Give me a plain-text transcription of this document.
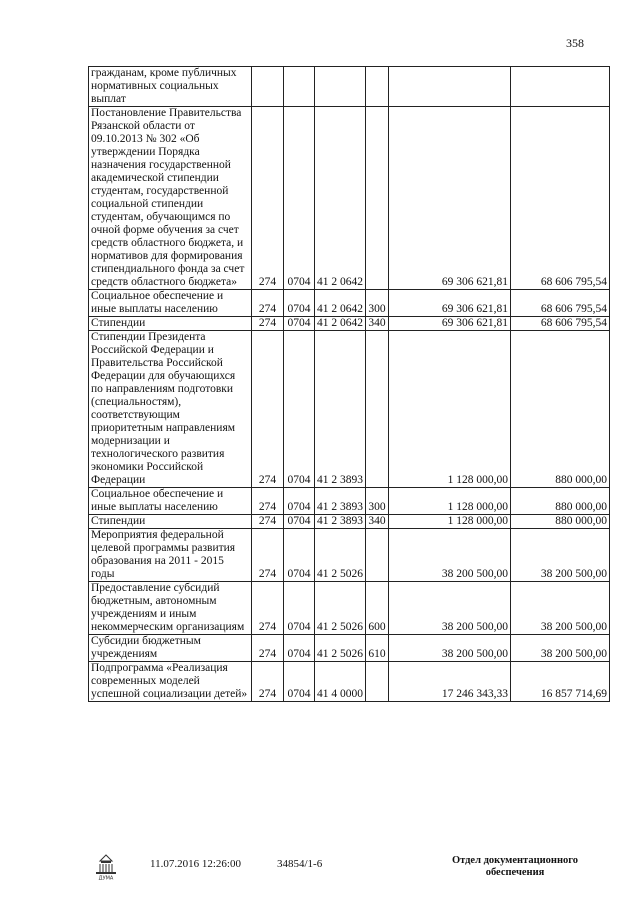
358
гражданам, кроме публичных нормативных социальных выплат						
Постановление Правительства Рязанской области от 09.10.2013 № 302 «Об утверждении Порядка назначения государственной академической стипендии студентам, государственной социальной стипендии студентам, обучающимся по очной форме обучения за счет средств областного бюджета, и нормативов для формирования стипендиального фонда за счет средств областного бюджета»	274	0704	41 2 0642		69 306 621,81	68 606 795,54
Социальное обеспечение и иные выплаты населению	274	0704	41 2 0642	300	69 306 621,81	68 606 795,54
Стипендии	274	0704	41 2 0642	340	69 306 621,81	68 606 795,54
Стипендии Президента Российской Федерации и Правительства Российской Федерации для обучающихся по направлениям подготовки (специальностям), соответствующим приоритетным направлениям модернизации и технологического развития экономики Российской Федерации	274	0704	41 2 3893		1 128 000,00	880 000,00
Социальное обеспечение и иные выплаты населению	274	0704	41 2 3893	300	1 128 000,00	880 000,00
Стипендии	274	0704	41 2 3893	340	1 128 000,00	880 000,00
Мероприятия федеральной целевой программы развития образования на 2011 - 2015 годы	274	0704	41 2 5026		38 200 500,00	38 200 500,00
Предоставление субсидий бюджетным, автономным учреждениям и иным некоммерческим организациям	274	0704	41 2 5026	600	38 200 500,00	38 200 500,00
Субсидии бюджетным учреждениям	274	0704	41 2 5026	610	38 200 500,00	38 200 500,00
Подпрограмма «Реализация современных моделей успешной социализации детей»	274	0704	41 4 0000		17 246 343,33	16 857 714,69
ДУМА
11.07.2016 12:26:00	34854/1-6	Отдел документационного обеспечения
